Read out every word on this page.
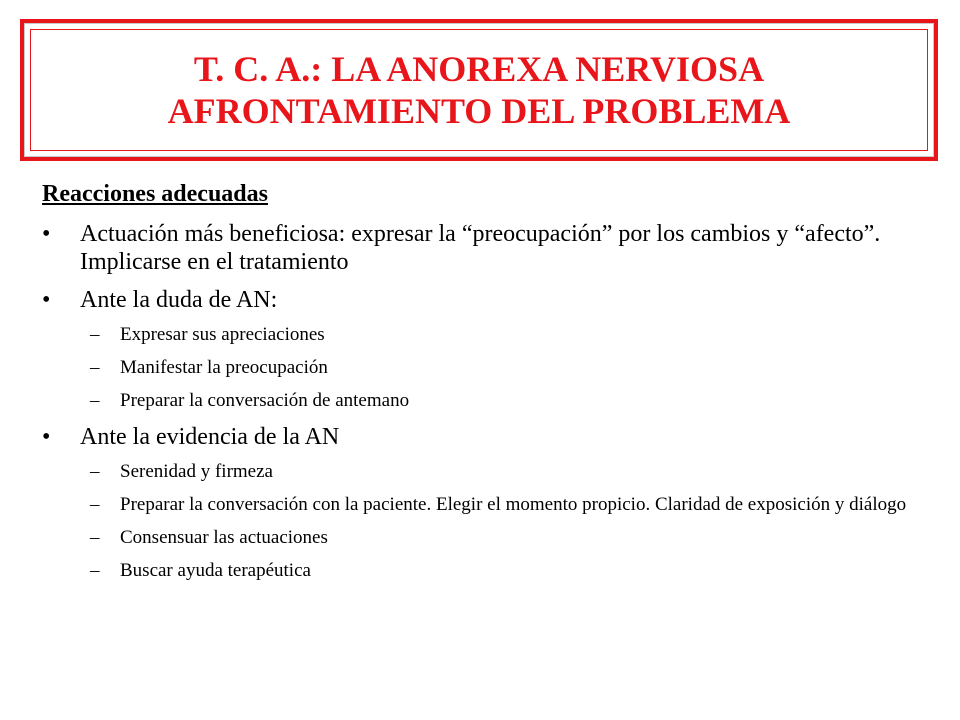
T. C. A.: LA ANOREXA NERVIOSA
AFRONTAMIENTO DEL PROBLEMA
Reacciones adecuadas
•	Actuación más beneficiosa: expresar la “preocupación” por los cambios y “afecto”. Implicarse en el tratamiento
•	Ante la duda de AN:
– Expresar sus apreciaciones
– Manifestar la preocupación
– Preparar la conversación de antemano
•	Ante la evidencia de la AN
– Serenidad y firmeza
– Preparar la conversación con la paciente. Elegir el momento propicio. Claridad de exposición y diálogo
– Consensuar las actuaciones
– Buscar ayuda terapéutica
